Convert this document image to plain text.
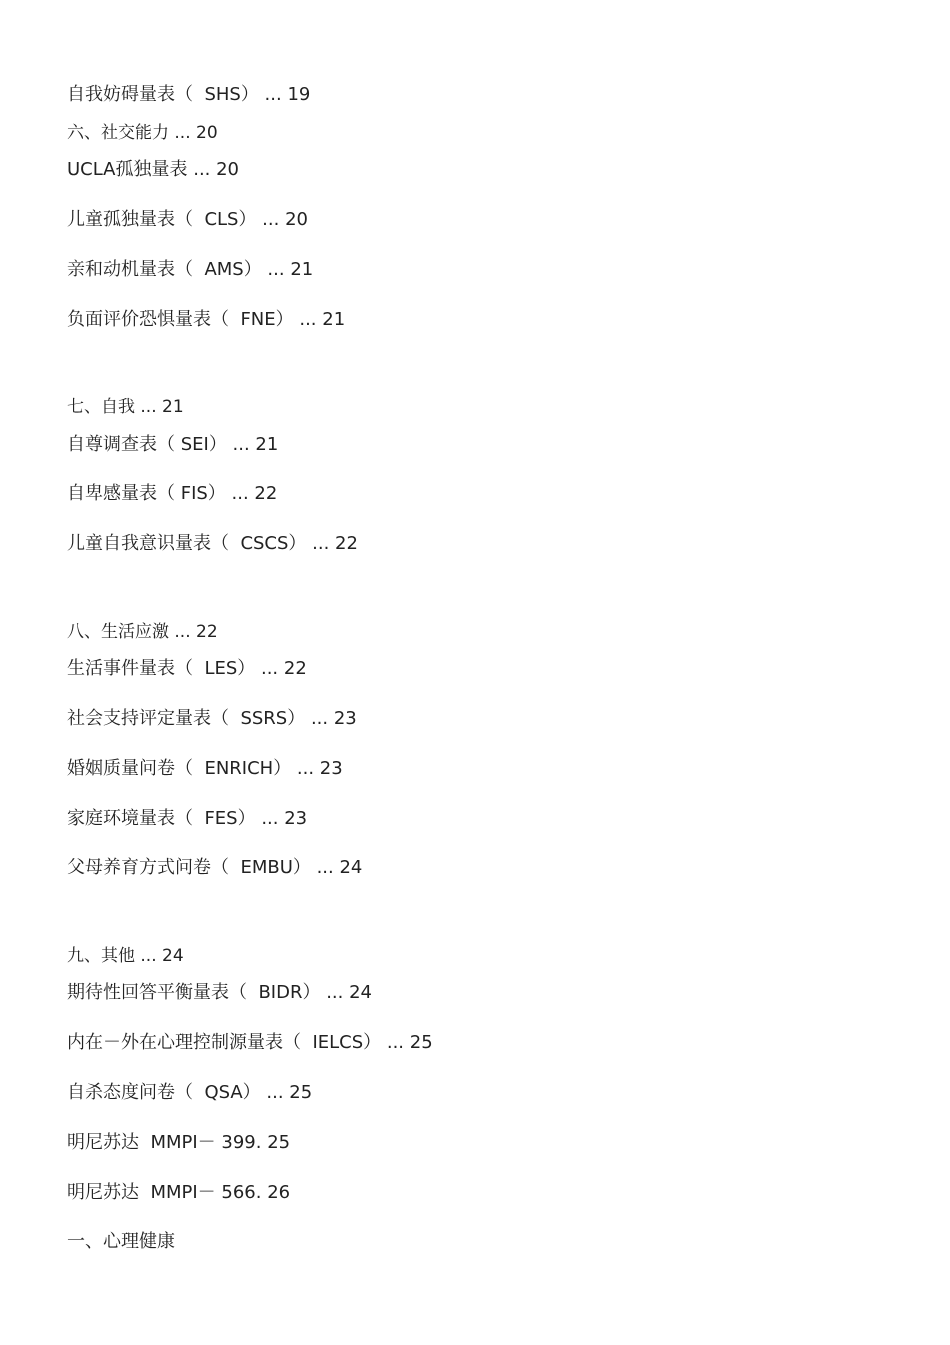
自我妨碍量表（  SHS） ... 19
六、社交能力 ... 20
UCLA孤独量表 ... 20
儿童孤独量表（  CLS） ... 20
亲和动机量表（  AMS） ... 21
负面评价恐惧量表（  FNE） ... 21
七、自我 ... 21
自尊调查表（ SEI） ... 21
自卑感量表（ FIS） ... 22
儿童自我意识量表（  CSCS） ... 22
八、生活应激 ... 22
生活事件量表（  LES） ... 22
社会支持评定量表（  SSRS） ... 23
婚姻质量问卷（  ENRICH） ... 23
家庭环境量表（  FES） ... 23
父母养育方式问卷（  EMBU） ... 24
九、其他 ... 24
期待性回答平衡量表（  BIDR） ... 24
内在－外在心理控制源量表（  IELCS） ... 25
自杀态度问卷（  QSA） ... 25
明尼苏达  MMPI－ 399. 25
明尼苏达  MMPI－ 566. 26
一、心理健康
